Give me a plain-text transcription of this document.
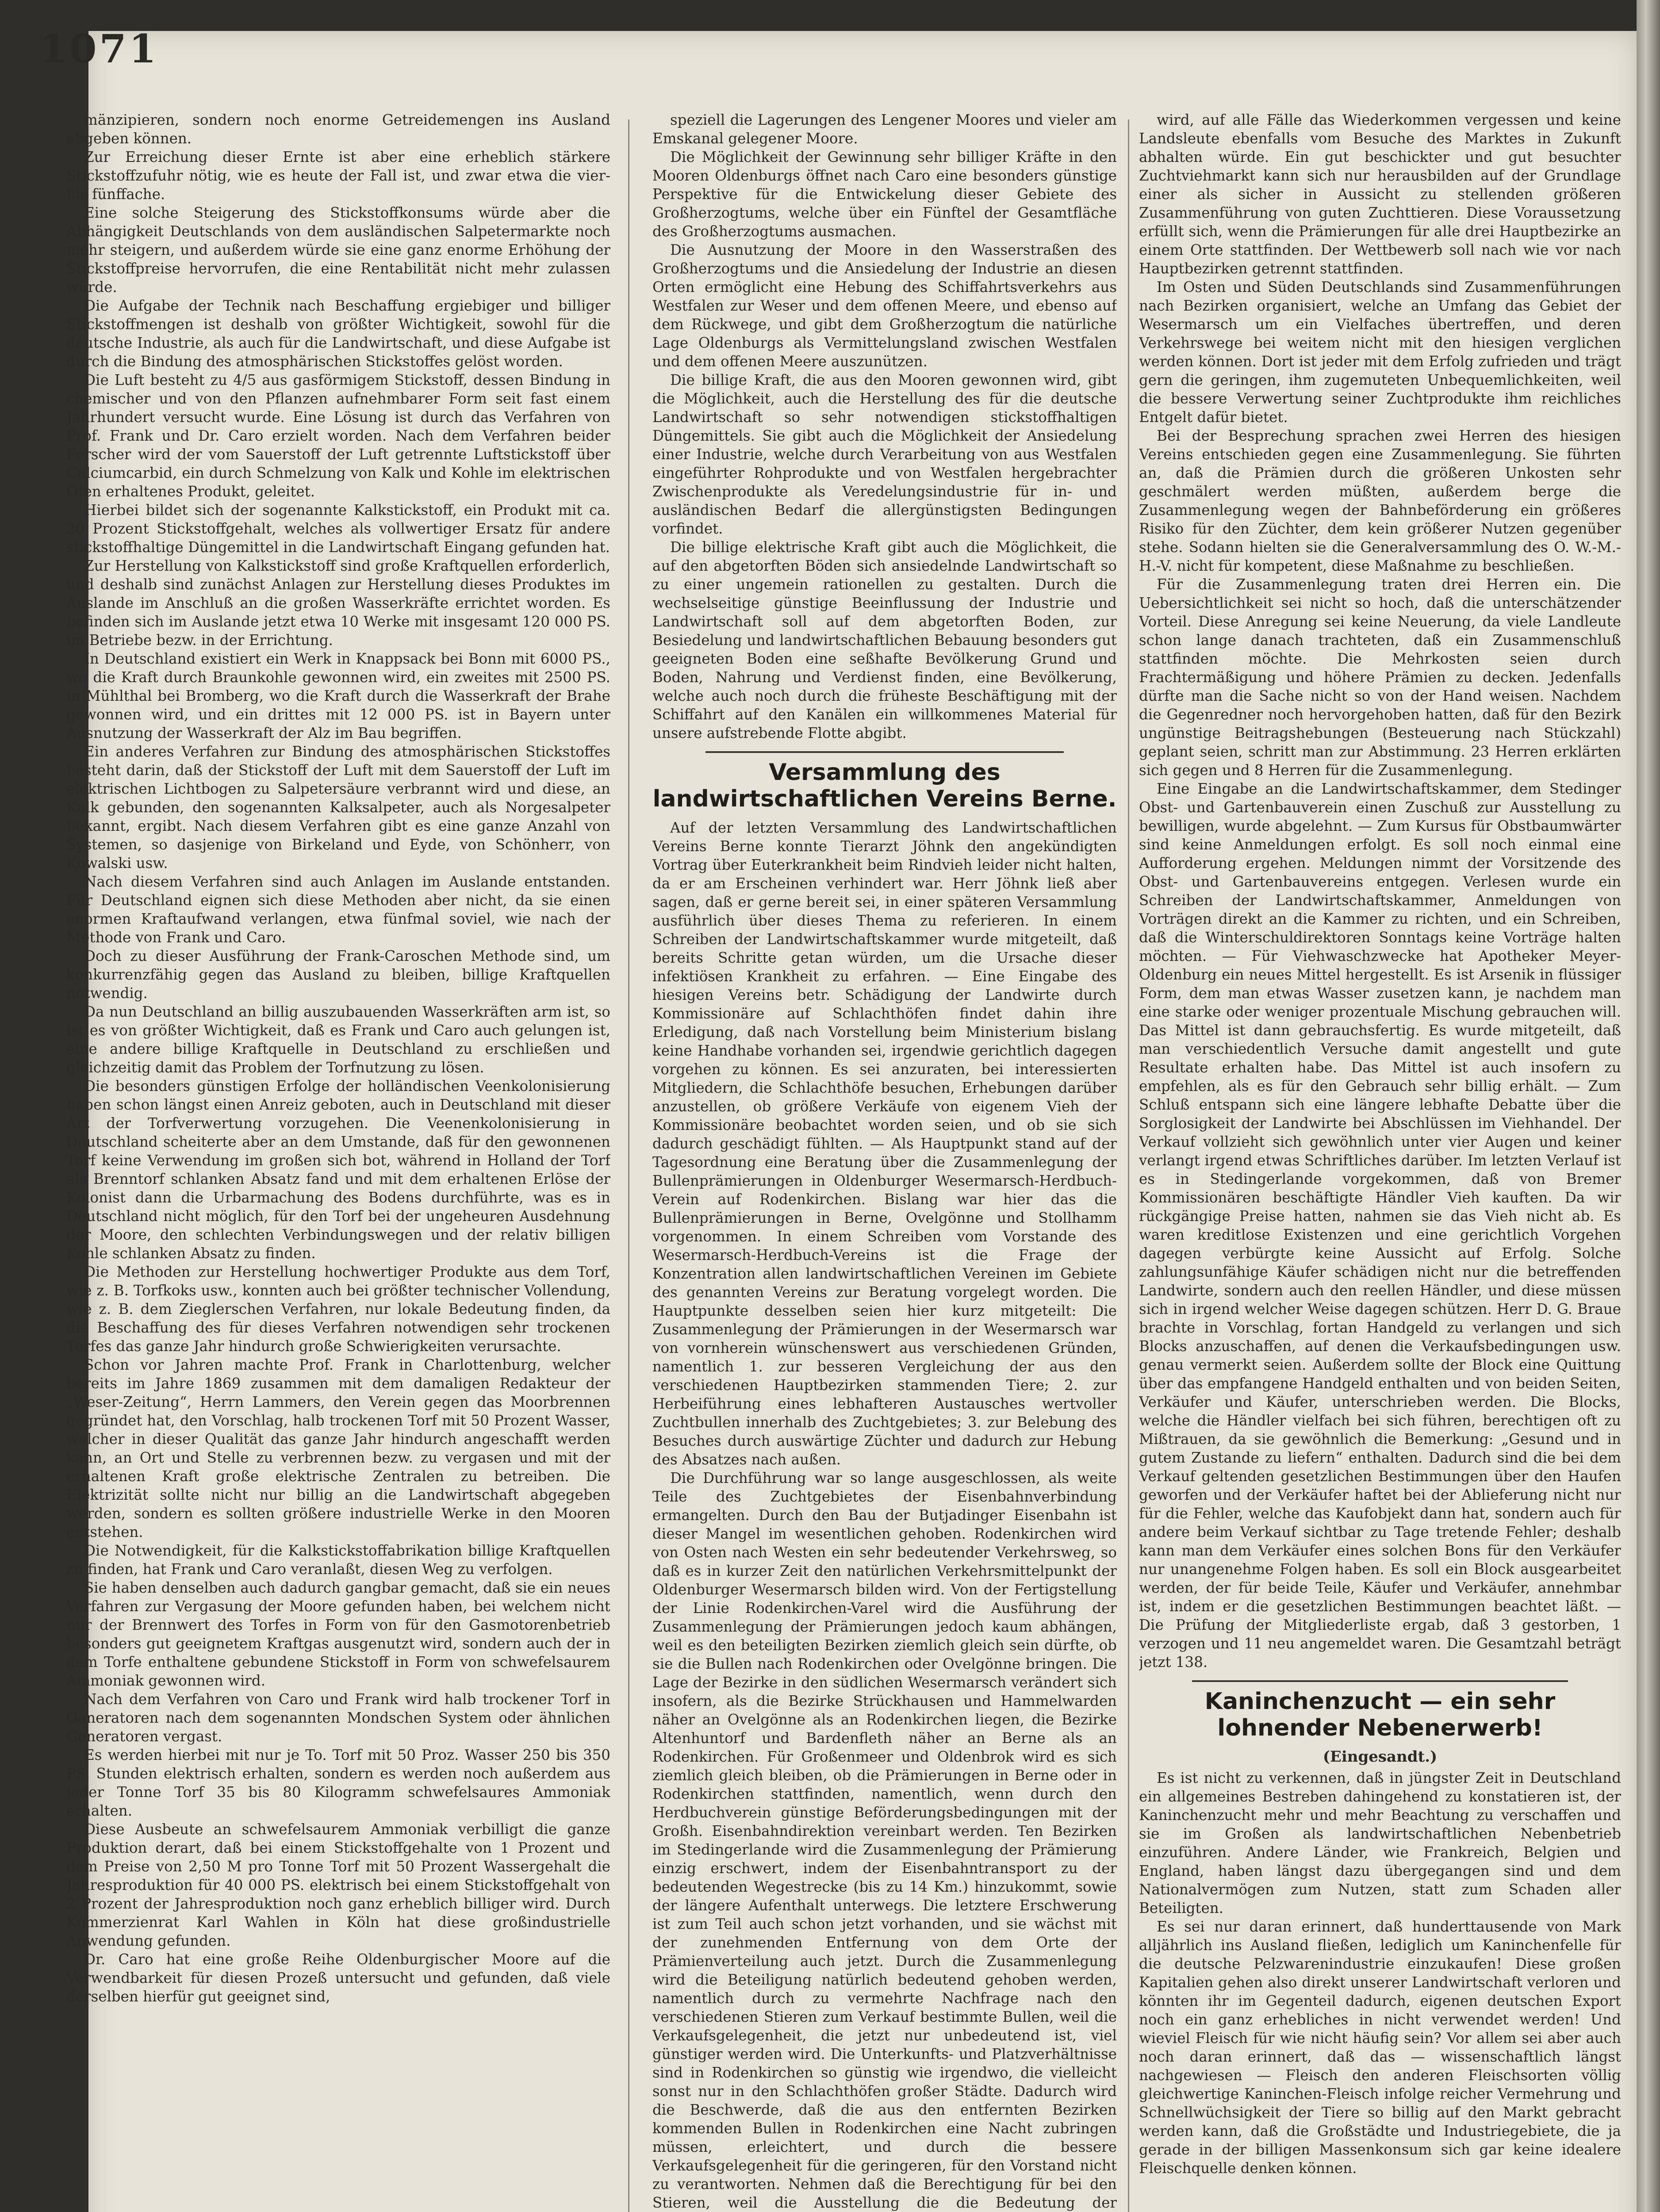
1071

mänzipieren, sondern noch enorme Getreidemengen ins Ausland abgeben können.

Zur Erreichung dieser Ernte ist aber eine erheblich stärkere Stickstoffzufuhr nötig, wie es heute der Fall ist, und zwar etwa die vier- bis fünffache.

Eine solche Steigerung des Stickstoffkonsums würde aber die Abhängigkeit Deutschlands von dem ausländischen Salpetermarkte noch mehr steigern, und außerdem würde sie eine ganz enorme Erhöhung der Stickstoffpreise hervorrufen, die eine Rentabilität nicht mehr zulassen würde.

Die Aufgabe der Technik nach Beschaffung ergiebiger und billiger Stickstoffmengen ist deshalb von größter Wichtigkeit, sowohl für die deutsche Industrie, als auch für die Landwirtschaft, und diese Aufgabe ist durch die Bindung des atmosphärischen Stickstoffes gelöst worden.

Die Luft besteht zu 4/5 aus gasförmigem Stickstoff, dessen Bindung in chemischer und von den Pflanzen aufnehmbarer Form seit fast einem Jahrhundert versucht wurde. Eine Lösung ist durch das Verfahren von Prof. Frank und Dr. Caro erzielt worden. Nach dem Verfahren beider Forscher wird der vom Sauerstoff der Luft getrennte Luftstickstoff über Calciumcarbid, ein durch Schmelzung von Kalk und Kohle im elektrischen Ofen erhaltenes Produkt, geleitet.

Hierbei bildet sich der sogenannte Kalkstickstoff, ein Produkt mit ca. 20 Prozent Stickstoffgehalt, welches als vollwertiger Ersatz für andere stickstoffhaltige Düngemittel in die Landwirtschaft Eingang gefunden hat.

Zur Herstellung von Kalkstickstoff sind große Kraftquellen erforderlich, und deshalb sind zunächst Anlagen zur Herstellung dieses Produktes im Auslande im Anschluß an die großen Wasserkräfte errichtet worden. Es befinden sich im Auslande jetzt etwa 10 Werke mit insgesamt 120 000 PS. im Betriebe bezw. in der Errichtung.

In Deutschland existiert ein Werk in Knappsack bei Bonn mit 6000 PS., wo die Kraft durch Braunkohle gewonnen wird, ein zweites mit 2500 PS. in Mühlthal bei Bromberg, wo die Kraft durch die Wasserkraft der Brahe gewonnen wird, und ein drittes mit 12 000 PS. ist in Bayern unter Ausnutzung der Wasserkraft der Alz im Bau begriffen.

Ein anderes Verfahren zur Bindung des atmosphärischen Stickstoffes besteht darin, daß der Stickstoff der Luft mit dem Sauerstoff der Luft im elektrischen Lichtbogen zu Salpetersäure verbrannt wird und diese, an Kalk gebunden, den sogenannten Kalksalpeter, auch als Norgesalpeter bekannt, ergibt. Nach diesem Verfahren gibt es eine ganze Anzahl von Systemen, so dasjenige von Birkeland und Eyde, von Schönherr, von Kowalski usw.

Nach diesem Verfahren sind auch Anlagen im Auslande entstanden. Für Deutschland eignen sich diese Methoden aber nicht, da sie einen enormen Kraftaufwand verlangen, etwa fünfmal soviel, wie nach der Methode von Frank und Caro.

Doch zu dieser Ausführung der Frank-Caroschen Methode sind, um konkurrenzfähig gegen das Ausland zu bleiben, billige Kraftquellen notwendig.

Da nun Deutschland an billig auszubauenden Wasserkräften arm ist, so ist es von größter Wichtigkeit, daß es Frank und Caro auch gelungen ist, eine andere billige Kraftquelle in Deutschland zu erschließen und gleichzeitig damit das Problem der Torfnutzung zu lösen.

Die besonders günstigen Erfolge der holländischen Veenkolonisierung haben schon längst einen Anreiz geboten, auch in Deutschland mit dieser Art der Torfverwertung vorzugehen. Die Veenenkolonisierung in Deutschland scheiterte aber an dem Umstande, daß für den gewonnenen Torf keine Verwendung im großen sich bot, während in Holland der Torf als Brenntorf schlanken Absatz fand und mit dem erhaltenen Erlöse der Kolonist dann die Urbarmachung des Bodens durchführte, was es in Deutschland nicht möglich, für den Torf bei der ungeheuren Ausdehnung der Moore, den schlechten Verbindungswegen und der relativ billigen Kohle schlanken Absatz zu finden.

Die Methoden zur Herstellung hochwertiger Produkte aus dem Torf, wie z. B. Torfkoks usw., konnten auch bei größter technischer Vollendung, wie z. B. dem Zieglerschen Verfahren, nur lokale Bedeutung finden, da die Beschaffung des für dieses Verfahren notwendigen sehr trockenen Torfes das ganze Jahr hindurch große Schwierigkeiten verursachte.

Schon vor Jahren machte Prof. Frank in Charlottenburg, welcher bereits im Jahre 1869 zusammen mit dem damaligen Redakteur der „Weser-Zeitung“, Herrn Lammers, den Verein gegen das Moorbrennen gegründet hat, den Vorschlag, halb trockenen Torf mit 50 Prozent Wasser, welcher in dieser Qualität das ganze Jahr hindurch angeschafft werden kann, an Ort und Stelle zu verbrennen bezw. zu vergasen und mit der erhaltenen Kraft große elektrische Zentralen zu betreiben. Die Elektrizität sollte nicht nur billig an die Landwirtschaft abgegeben werden, sondern es sollten größere industrielle Werke in den Mooren entstehen.

Die Notwendigkeit, für die Kalkstickstoffabrikation billige Kraftquellen zu finden, hat Frank und Caro veranlaßt, diesen Weg zu verfolgen.

Sie haben denselben auch dadurch gangbar gemacht, daß sie ein neues Verfahren zur Vergasung der Moore gefunden haben, bei welchem nicht nur der Brennwert des Torfes in Form von für den Gasmotorenbetrieb besonders gut geeignetem Kraftgas ausgenutzt wird, sondern auch der in dem Torfe enthaltene gebundene Stickstoff in Form von schwefelsaurem Ammoniak gewonnen wird.

Nach dem Verfahren von Caro und Frank wird halb trockener Torf in Generatoren nach dem sogenannten Mondschen System oder ähnlichen Generatoren vergast.

Es werden hierbei mit nur je To. Torf mit 50 Proz. Wasser 250 bis 350 PS. Stunden elektrisch erhalten, sondern es werden noch außerdem aus jeder Tonne Torf 35 bis 80 Kilogramm schwefelsaures Ammoniak erhalten.

Diese Ausbeute an schwefelsaurem Ammoniak verbilligt die ganze Produktion derart, daß bei einem Stickstoffgehalte von 1 Prozent und dem Preise von 2,50 M pro Tonne Torf mit 50 Prozent Wassergehalt die Jahresproduktion für 40 000 PS. elektrisch bei einem Stickstoffgehalt von 2 Prozent der Jahresproduktion noch ganz erheblich billiger wird. Durch Kommerzienrat Karl Wahlen in Köln hat diese großindustrielle Anwendung gefunden.

Dr. Caro hat eine große Reihe Oldenburgischer Moore auf die Verwendbarkeit für diesen Prozeß untersucht und gefunden, daß viele derselben hierfür gut geeignet sind,

speziell die Lagerungen des Lengener Moores und vieler am Emskanal gelegener Moore.

Die Möglichkeit der Gewinnung sehr billiger Kräfte in den Mooren Oldenburgs öffnet nach Caro eine besonders günstige Perspektive für die Entwickelung dieser Gebiete des Großherzogtums, welche über ein Fünftel der Gesamtfläche des Großherzogtums ausmachen.

Die Ausnutzung der Moore in den Wasserstraßen des Großherzogtums und die Ansiedelung der Industrie an diesen Orten ermöglicht eine Hebung des Schiffahrtsverkehrs aus Westfalen zur Weser und dem offenen Meere, und ebenso auf dem Rückwege, und gibt dem Großherzogtum die natürliche Lage Oldenburgs als Vermittelungsland zwischen Westfalen und dem offenen Meere auszunützen.

Die billige Kraft, die aus den Mooren gewonnen wird, gibt die Möglichkeit, auch die Herstellung des für die deutsche Landwirtschaft so sehr notwendigen stickstoffhaltigen Düngemittels. Sie gibt auch die Möglichkeit der Ansiedelung einer Industrie, welche durch Verarbeitung von aus Westfalen eingeführter Rohprodukte und von Westfalen hergebrachter Zwischenprodukte als Veredelungsindustrie für in- und ausländischen Bedarf die allergünstigsten Bedingungen vorfindet.

Die billige elektrische Kraft gibt auch die Möglichkeit, die auf den abgetorften Böden sich ansiedelnde Landwirtschaft so zu einer ungemein rationellen zu gestalten. Durch die wechselseitige günstige Beeinflussung der Industrie und Landwirtschaft soll auf dem abgetorften Boden, zur Besiedelung und landwirtschaftlichen Bebauung besonders gut geeigneten Boden eine seßhafte Bevölkerung Grund und Boden, Nahrung und Verdienst finden, eine Bevölkerung, welche auch noch durch die früheste Beschäftigung mit der Schiffahrt auf den Kanälen ein willkommenes Material für unsere aufstrebende Flotte abgibt.

Versammlung des landwirtschaftlichen Vereins Berne.

Auf der letzten Versammlung des Landwirtschaftlichen Vereins Berne konnte Tierarzt Jöhnk den angekündigten Vortrag über Euterkrankheit beim Rindvieh leider nicht halten, da er am Erscheinen verhindert war. Herr Jöhnk ließ aber sagen, daß er gerne bereit sei, in einer späteren Versammlung ausführlich über dieses Thema zu referieren. In einem Schreiben der Landwirtschaftskammer wurde mitgeteilt, daß bereits Schritte getan würden, um die Ursache dieser infektiösen Krankheit zu erfahren. — Eine Eingabe des hiesigen Vereins betr. Schädigung der Landwirte durch Kommissionäre auf Schlachthöfen findet dahin ihre Erledigung, daß nach Vorstellung beim Ministerium bislang keine Handhabe vorhanden sei, irgendwie gerichtlich dagegen vorgehen zu können. Es sei anzuraten, bei interessierten Mitgliedern, die Schlachthöfe besuchen, Erhebungen darüber anzustellen, ob größere Verkäufe von eigenem Vieh der Kommissionäre beobachtet worden seien, und ob sie sich dadurch geschädigt fühlten. — Als Hauptpunkt stand auf der Tagesordnung eine Beratung über die Zusammenlegung der Bullenprämierungen in Oldenburger Wesermarsch-Herdbuch-Verein auf Rodenkirchen. Bislang war hier das die Bullenprämierungen in Berne, Ovelgönne und Stollhamm vorgenommen. In einem Schreiben vom Vorstande des Wesermarsch-Herdbuch-Vereins ist die Frage der Konzentration allen landwirtschaftlichen Vereinen im Gebiete des genannten Vereins zur Beratung vorgelegt worden. Die Hauptpunkte desselben seien hier kurz mitgeteilt: Die Zusammenlegung der Prämierungen in der Wesermarsch war von vornherein wünschenswert aus verschiedenen Gründen, namentlich 1. zur besseren Vergleichung der aus den verschiedenen Hauptbezirken stammenden Tiere; 2. zur Herbeiführung eines lebhafteren Austausches wertvoller Zuchtbullen innerhalb des Zuchtgebietes; 3. zur Belebung des Besuches durch auswärtige Züchter und dadurch zur Hebung des Absatzes nach außen.

Die Durchführung war so lange ausgeschlossen, als weite Teile des Zuchtgebietes der Eisenbahnverbindung ermangelten. Durch den Bau der Butjadinger Eisenbahn ist dieser Mangel im wesentlichen gehoben. Rodenkirchen wird von Osten nach Westen ein sehr bedeutender Verkehrsweg, so daß es in kurzer Zeit den natürlichen Verkehrsmittelpunkt der Oldenburger Wesermarsch bilden wird. Von der Fertigstellung der Linie Rodenkirchen-Varel wird die Ausführung der Zusammenlegung der Prämierungen jedoch kaum abhängen, weil es den beteiligten Bezirken ziemlich gleich sein dürfte, ob sie die Bullen nach Rodenkirchen oder Ovelgönne bringen. Die Lage der Bezirke in den südlichen Wesermarsch verändert sich insofern, als die Bezirke Strückhausen und Hammelwarden näher an Ovelgönne als an Rodenkirchen liegen, die Bezirke Altenhuntorf und Bardenfleth näher an Berne als an Rodenkirchen. Für Großenmeer und Oldenbrok wird es sich ziemlich gleich bleiben, ob die Prämierungen in Berne oder in Rodenkirchen stattfinden, namentlich, wenn durch den Herdbuchverein günstige Beförderungsbedingungen mit der Großh. Eisenbahndirektion vereinbart werden. Ten Bezirken im Stedingerlande wird die Zusammenlegung der Prämierung einzig erschwert, indem der Eisenbahntransport zu der bedeutenden Wegestrecke (bis zu 14 Km.) hinzukommt, sowie der längere Aufenthalt unterwegs. Die letztere Erschwerung ist zum Teil auch schon jetzt vorhanden, und sie wächst mit der zunehmenden Entfernung von dem Orte der Prämienverteilung auch jetzt. Durch die Zusammenlegung wird die Beteiligung natürlich bedeutend gehoben werden, namentlich durch zu vermehrte Nachfrage nach den verschiedenen Stieren zum Verkauf bestimmte Bullen, weil die Verkaufsgelegenheit, die jetzt nur unbedeutend ist, viel günstiger werden wird. Die Unterkunfts- und Platzverhältnisse sind in Rodenkirchen so günstig wie irgendwo, die vielleicht sonst nur in den Schlachthöfen großer Städte. Dadurch wird die Beschwerde, daß die aus den entfernten Bezirken kommenden Bullen in Rodenkirchen eine Nacht zubringen müssen, erleichtert, und durch die bessere Verkaufsgelegenheit für die geringeren, für den Vorstand nicht zu verantworten. Nehmen daß die Berechtigung für bei den Stieren, weil die Ausstellung die die Bedeutung der

wird, auf alle Fälle das Wiederkommen vergessen und keine Landsleute ebenfalls vom Besuche des Marktes in Zukunft abhalten würde. Ein gut beschickter und gut besuchter Zuchtviehmarkt kann sich nur herausbilden auf der Grundlage einer als sicher in Aussicht zu stellenden größeren Zusammenführung von guten Zuchttieren. Diese Voraussetzung erfüllt sich, wenn die Prämierungen für alle drei Hauptbezirke an einem Orte stattfinden. Der Wettbewerb soll nach wie vor nach Hauptbezirken getrennt stattfinden.

Im Osten und Süden Deutschlands sind Zusammenführungen nach Bezirken organisiert, welche an Umfang das Gebiet der Wesermarsch um ein Vielfaches übertreffen, und deren Verkehrswege bei weitem nicht mit den hiesigen verglichen werden können. Dort ist jeder mit dem Erfolg zufrieden und trägt gern die geringen, ihm zugemuteten Unbequemlichkeiten, weil die bessere Verwertung seiner Zuchtprodukte ihm reichliches Entgelt dafür bietet.

Bei der Besprechung sprachen zwei Herren des hiesigen Vereins entschieden gegen eine Zusammenlegung. Sie führten an, daß die Prämien durch die größeren Unkosten sehr geschmälert werden müßten, außerdem berge die Zusammenlegung wegen der Bahnbeförderung ein größeres Risiko für den Züchter, dem kein größerer Nutzen gegenüber stehe. Sodann hielten sie die Generalversammlung des O. W.-M.-H.-V. nicht für kompetent, diese Maßnahme zu beschließen.

Für die Zusammenlegung traten drei Herren ein. Die Uebersichtlichkeit sei nicht so hoch, daß die unterschätzender Vorteil. Diese Anregung sei keine Neuerung, da viele Landleute schon lange danach trachteten, daß ein Zusammenschluß stattfinden möchte. Die Mehrkosten seien durch Frachtermäßigung und höhere Prämien zu decken. Jedenfalls dürfte man die Sache nicht so von der Hand weisen. Nachdem die Gegenredner noch hervorgehoben hatten, daß für den Bezirk ungünstige Beitragshebungen (Besteuerung nach Stückzahl) geplant seien, schritt man zur Abstimmung. 23 Herren erklärten sich gegen und 8 Herren für die Zusammenlegung.

Eine Eingabe an die Landwirtschaftskammer, dem Stedinger Obst- und Gartenbauverein einen Zuschuß zur Ausstellung zu bewilligen, wurde abgelehnt. — Zum Kursus für Obstbaumwärter sind keine Anmeldungen erfolgt. Es soll noch einmal eine Aufforderung ergehen. Meldungen nimmt der Vorsitzende des Obst- und Gartenbauvereins entgegen. Verlesen wurde ein Schreiben der Landwirtschaftskammer, Anmeldungen von Vorträgen direkt an die Kammer zu richten, und ein Schreiben, daß die Winterschuldirektoren Sonntags keine Vorträge halten möchten. — Für Viehwaschzwecke hat Apotheker Meyer-Oldenburg ein neues Mittel hergestellt. Es ist Arsenik in flüssiger Form, dem man etwas Wasser zusetzen kann, je nachdem man eine starke oder weniger prozentuale Mischung gebrauchen will. Das Mittel ist dann gebrauchsfertig. Es wurde mitgeteilt, daß man verschiedentlich Versuche damit angestellt und gute Resultate erhalten habe. Das Mittel ist auch insofern zu empfehlen, als es für den Gebrauch sehr billig erhält. — Zum Schluß entspann sich eine längere lebhafte Debatte über die Sorglosigkeit der Landwirte bei Abschlüssen im Viehhandel. Der Verkauf vollzieht sich gewöhnlich unter vier Augen und keiner verlangt irgend etwas Schriftliches darüber. Im letzten Verlauf ist es in Stedingerlande vorgekommen, daß von Bremer Kommissionären beschäftigte Händler Vieh kauften. Da wir rückgängige Preise hatten, nahmen sie das Vieh nicht ab. Es waren kreditlose Existenzen und eine gerichtlich Vorgehen dagegen verbürgte keine Aussicht auf Erfolg. Solche zahlungsunfähige Käufer schädigen nicht nur die betreffenden Landwirte, sondern auch den reellen Händler, und diese müssen sich in irgend welcher Weise dagegen schützen. Herr D. G. Braue brachte in Vorschlag, fortan Handgeld zu verlangen und sich Blocks anzuschaffen, auf denen die Verkaufsbedingungen usw. genau vermerkt seien. Außerdem sollte der Block eine Quittung über das empfangene Handgeld enthalten und von beiden Seiten, Verkäufer und Käufer, unterschrieben werden. Die Blocks, welche die Händler vielfach bei sich führen, berechtigen oft zu Mißtrauen, da sie gewöhnlich die Bemerkung: „Gesund und in gutem Zustande zu liefern“ enthalten. Dadurch sind die bei dem Verkauf geltenden gesetzlichen Bestimmungen über den Haufen geworfen und der Verkäufer haftet bei der Ablieferung nicht nur für die Fehler, welche das Kaufobjekt dann hat, sondern auch für andere beim Verkauf sichtbar zu Tage tretende Fehler; deshalb kann man dem Verkäufer eines solchen Bons für den Verkäufer nur unangenehme Folgen haben. Es soll ein Block ausgearbeitet werden, der für beide Teile, Käufer und Verkäufer, annehmbar ist, indem er die gesetzlichen Bestimmungen beachtet läßt. — Die Prüfung der Mitgliederliste ergab, daß 3 gestorben, 1 verzogen und 11 neu angemeldet waren. Die Gesamtzahl beträgt jetzt 138.

Kaninchenzucht — ein sehr lohnender Nebenerwerb!

(Eingesandt.)

Es ist nicht zu verkennen, daß in jüngster Zeit in Deutschland ein allgemeines Bestreben dahingehend zu konstatieren ist, der Kaninchenzucht mehr und mehr Beachtung zu verschaffen und sie im Großen als landwirtschaftlichen Nebenbetrieb einzuführen. Andere Länder, wie Frankreich, Belgien und England, haben längst dazu übergegangen sind und dem Nationalvermögen zum Nutzen, statt zum Schaden aller Beteiligten.

Es sei nur daran erinnert, daß hunderttausende von Mark alljährlich ins Ausland fließen, lediglich um Kaninchenfelle für die deutsche Pelzwarenindustrie einzukaufen! Diese großen Kapitalien gehen also direkt unserer Landwirtschaft verloren und könnten ihr im Gegenteil dadurch, eigenen deutschen Export noch ein ganz erhebliches in nicht verwendet werden! Und wieviel Fleisch für wie nicht häufig sein? Vor allem sei aber auch noch daran erinnert, daß das — wissenschaftlich längst nachgewiesen — Fleisch den anderen Fleischsorten völlig gleichwertige Kaninchen-Fleisch infolge reicher Vermehrung und Schnellwüchsigkeit der Tiere so billig auf den Markt gebracht werden kann, daß die Großstädte und Industriegebiete, die ja gerade in der billigen Massenkonsum sich gar keine idealere Fleischquelle denken können.
